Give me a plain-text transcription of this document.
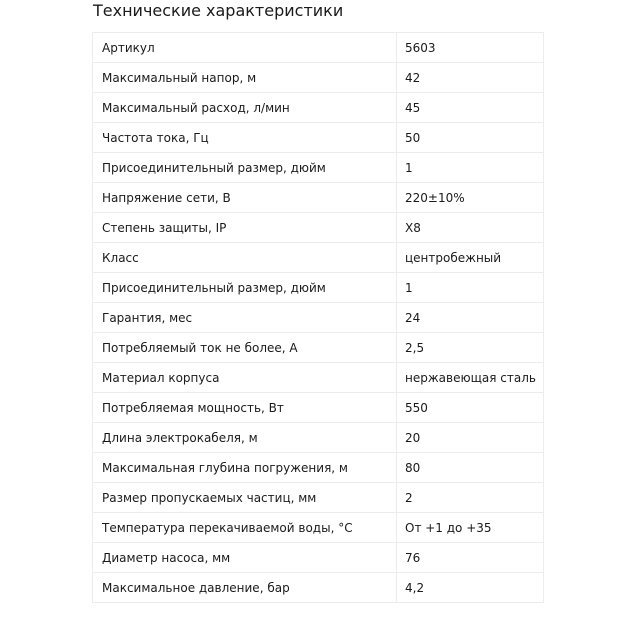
Технические характеристики
Артикул	5603
Максимальный напор, м	42
Максимальный расход, л/мин	45
Частота тока, Гц	50
Присоединительный размер, дюйм	1
Напряжение сети, В	220±10%
Степень защиты, IP	X8
Класс	центробежный
Присоединительный размер, дюйм	1
Гарантия, мес	24
Потребляемый ток не более, А	2,5
Материал корпуса	нержавеющая сталь
Потребляемая мощность, Вт	550
Длина электрокабеля, м	20
Максимальная глубина погружения, м	80
Размер пропускаемых частиц, мм	2
Температура перекачиваемой воды, °С	От +1 до +35
Диаметр насоса, мм	76
Максимальное давление, бар	4,2
